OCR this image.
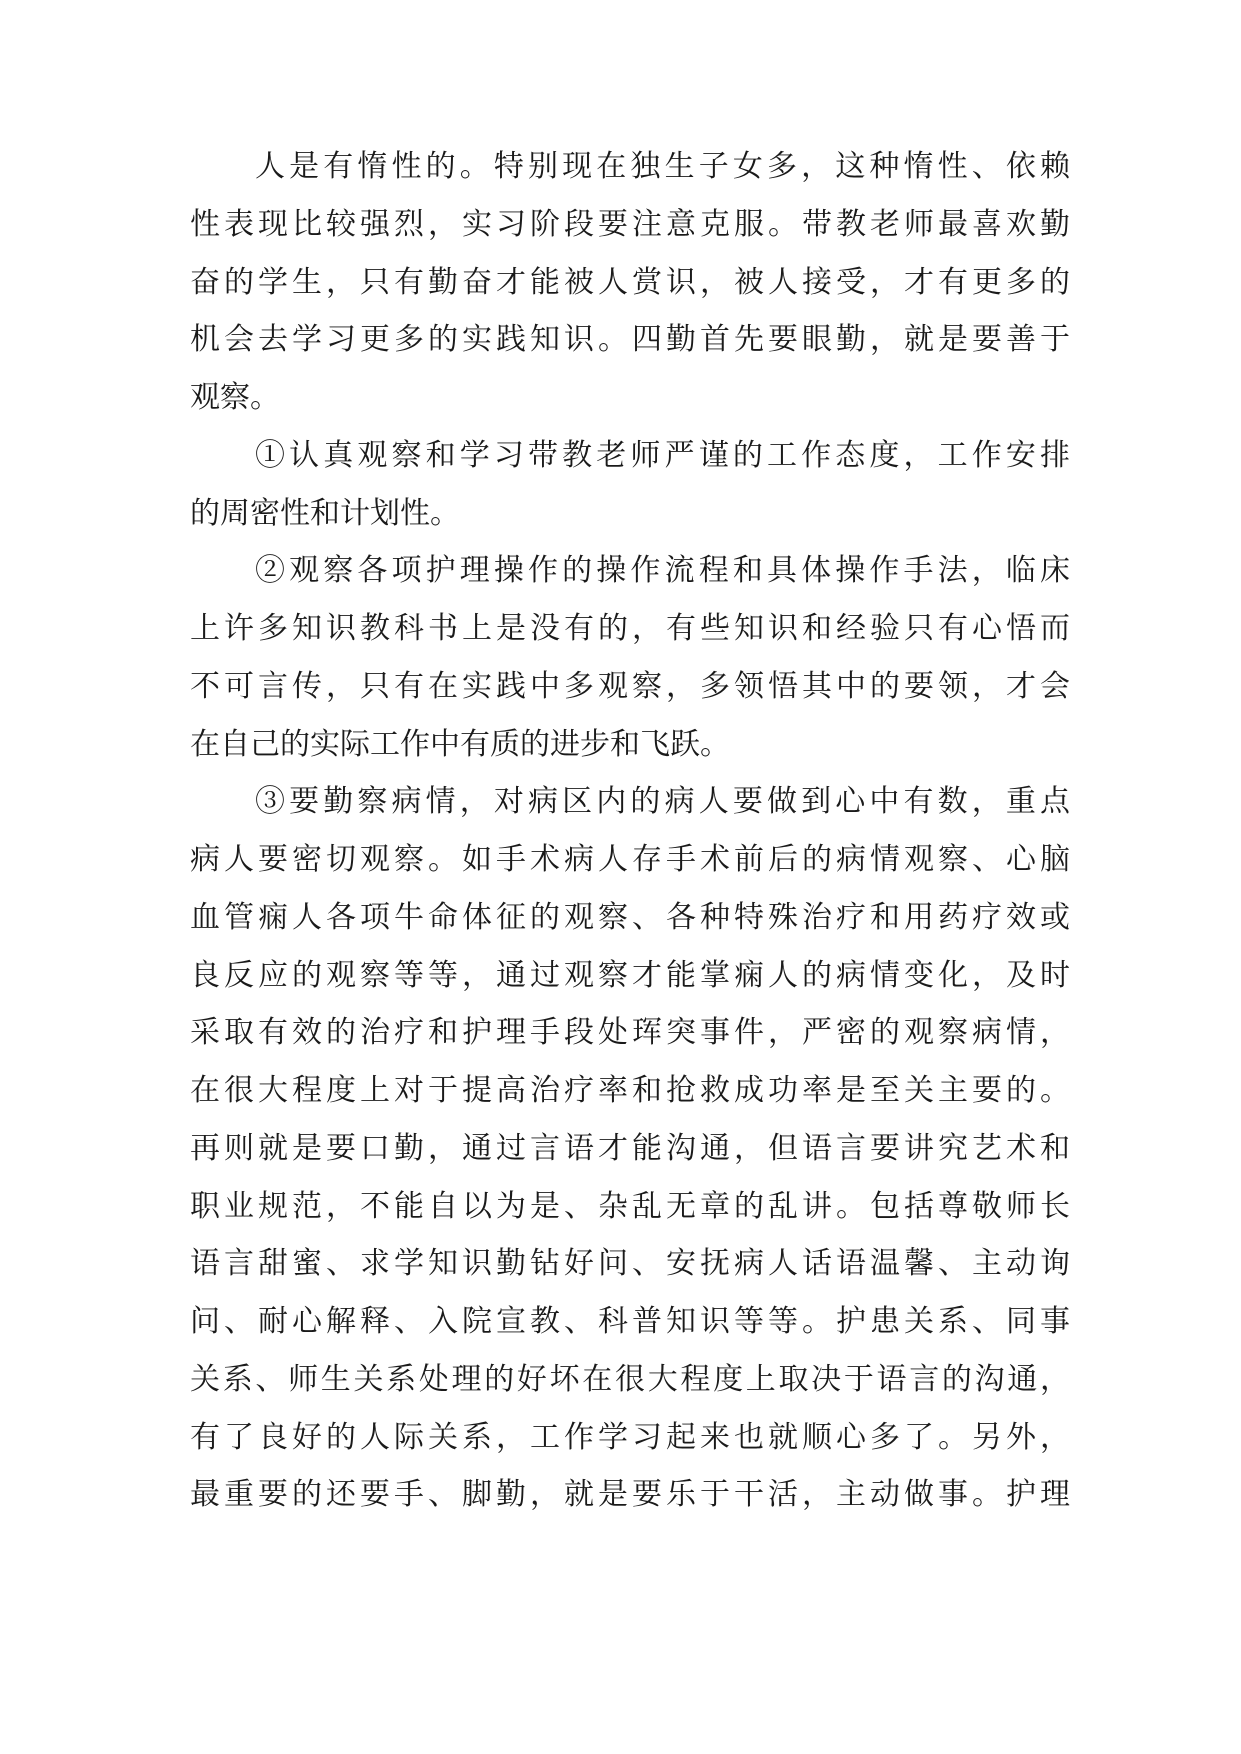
人是有惰性的。特别现在独生子女多，这种惰性、依赖
性表现比较强烈，实习阶段要注意克服。带教老师最喜欢勤
奋的学生，只有勤奋才能被人赏识，被人接受，才有更多的
机会去学习更多的实践知识。四勤首先要眼勤，就是要善于
观察。
①认真观察和学习带教老师严谨的工作态度，工作安排
的周密性和计划性。
②观察各项护理操作的操作流程和具体操作手法，临床
上许多知识教科书上是没有的，有些知识和经验只有心悟而
不可言传，只有在实践中多观察，多领悟其中的要领，才会
在自己的实际工作中有质的进步和飞跃。
③要勤察病情，对病区内的病人要做到心中有数，重点
病人要密切观察。如手术病人存手术前后的病情观察、心脑
血管痫人各项牛命体征的观察、各种特殊治疗和用药疗效或
良反应的观察等等，通过观察才能掌痫人的病情变化，及时
采取有效的治疗和护理手段处珲突事件，严密的观察病情，
在很大程度上对于提高治疗率和抢救成功率是至关主要的。
再则就是要口勤，通过言语才能沟通，但语言要讲究艺术和
职业规范，不能自以为是、杂乱无章的乱讲。包括尊敬师长
语言甜蜜、求学知识勤钻好问、安抚病人话语温馨、主动询
问、耐心解释、入院宣教、科普知识等等。护患关系、同事
关系、师生关系处理的好坏在很大程度上取决于语言的沟通，
有了良好的人际关系，工作学习起来也就顺心多了。另外，
最重要的还要手、脚勤，就是要乐于干活，主动做事。护理
